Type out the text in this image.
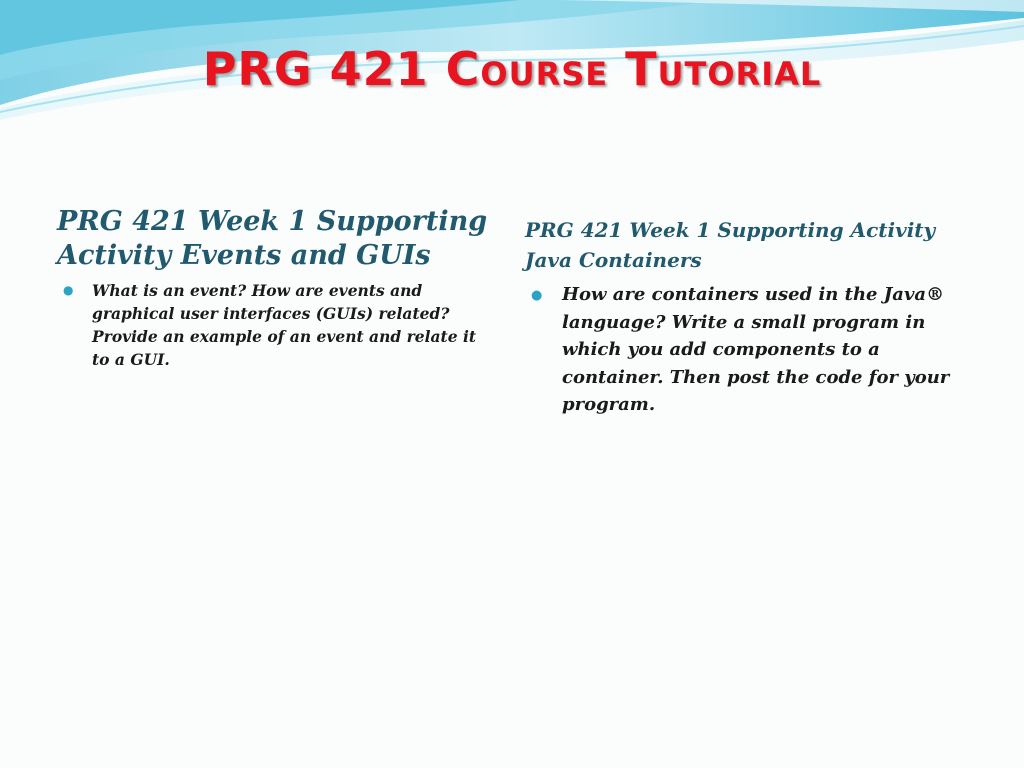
PRG 421 Course Tutorial
PRG 421 Week 1 Supporting Activity Events and GUIs
● What is an event? How are events and graphical user interfaces (GUIs) related? Provide an example of an event and relate it to a GUI.
PRG 421 Week 1 Supporting Activity Java Containers
● How are containers used in the Java® language? Write a small program in which you add components to a container. Then post the code for your program.
